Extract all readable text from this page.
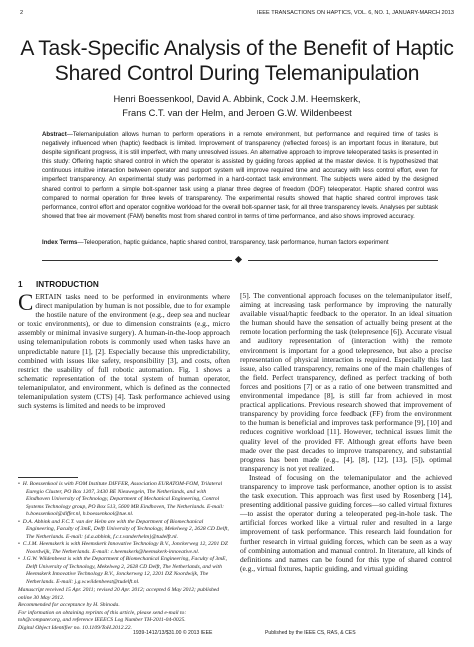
2	IEEE TRANSACTIONS ON HAPTICS, VOL. 6, NO. 1, JANUARY-MARCH 2013
A Task-Specific Analysis of the Benefit of Haptic
Shared Control During Telemanipulation
Henri Boessenkool, David A. Abbink, Cock J.M. Heemskerk,
Frans C.T. van der Helm, and Jeroen G.W. Wildenbeest
Abstract—Telemanipulation allows human to perform operations in a remote environment, but performance and required time of tasks is negatively influenced when (haptic) feedback is limited. Improvement of transparency (reflected forces) is an important focus in literature, but despite significant progress, it is still imperfect, with many unresolved issues. An alternative approach to improve teleoperated tasks is presented in this study: Offering haptic shared control in which the operator is assisted by guiding forces applied at the master device. It is hypothesized that continuous intuitive interaction between operator and support system will improve required time and accuracy with less control effort, even for imperfect transparency. An experimental study was performed in a hard-contact task environment. The subjects were aided by the designed shared control to perform a simple bolt-spanner task using a planar three degree of freedom (DOF) teleoperator. Haptic shared control was compared to normal operation for three levels of transparency. The experimental results showed that haptic shared control improves task performance, control effort and operator cognitive workload for the overall bolt-spanner task, for all three transparency levels. Analyses per subtask showed that free air movement (FAM) benefits most from shared control in terms of time performance, and also shows improved accuracy.
Index Terms—Teleoperation, haptic guidance, haptic shared control, transparency, task performance, human factors experiment
1 INTRODUCTION
C ERTAIN tasks need to be performed in environments where direct manipulation by human is not possible, due to for example the hostile nature of the environment (e.g., deep sea and nuclear or toxic environments), or due to dimension constraints (e.g., micro assembly or minimal invasive surgery). A human-in-the-loop approach using telemanipulation robots is commonly used when tasks have an unpredictable nature [1], [2]. Especially because this unpredictability, combined with issues like safety, responsibility [3], and costs, often restrict the usability of full robotic automation. Fig. 1 shows a schematic representation of the total system of human operator, telemanipulator, and environment, which is defined as the connected telemanipulation system (CTS) [4]. Task performance achieved using such systems is limited and needs to be improved
[5]. The conventional approach focuses on the telemanipulator itself, aiming at increasing task performance by improving the naturally available visual/haptic feedback to the operator. In an ideal situation the human should have the sensation of actually being present at the remote location performing the task (telepresence [6]). Accurate visual and auditory representation of (interaction with) the remote environment is important for a good telepresence, but also a precise representation of physical interaction is required. Especially this last issue, also called transparency, remains one of the main challenges of the field. Perfect transparency, defined as perfect tracking of both forces and positions [7] or as a ratio of one between transmitted and environmental impedance [8], is still far from achieved in most practical applications. Previous research showed that improvement of transparency by providing force feedback (FF) from the environment to the human is beneficial and improves task performance [9], [10] and reduces cognitive workload [11]. However, technical issues limit the quality level of the provided FF. Although great efforts have been made over the past decades to improve transparency, and substantial progress has been made (e.g., [4], [8], [12], [13], [5]), optimal transparency is not yet realized.
Instead of focusing on the telemanipulator and the achieved transparency to improve task performance, another option is to assist the task execution. This approach was first used by Rosenberg [14], presenting additional passive guiding forces—so called virtual fixtures—to assist the operator during a teleoperated peg-in-hole task. The artificial forces worked like a virtual ruler and resulted in a large improvement of task performance. This research laid foundation for further research in virtual guiding forces, which can be seen as a way of combining automation and manual control. In literature, all kinds of definitions and names can be found for this type of shared control (e.g., virtual fixtures, haptic guiding, and virtual guiding
•  H. Boessenkool is with FOM Institute DIFFER, Association EURATOM-FOM, Trilateral Euregio Cluster, PO Box 1207, 3430 BE Nieuwegein, The Netherlands, and with Eindhoven University of Technology, Department of Mechanical Engineering, Control Systems Technology group, PO Box 513, 5600 MB Eindhoven, The Netherlands. E-mail: h.boessenkool@differ.nl, h.boessenkool@tue.nl.
•  D.A. Abbink and F.C.T. van der Helm are with the Department of Biomechanical Engineering, Faculty of 3mE, Delft University of Technology, Mekelweg 2, 2628 CD Delft, The Netherlands. E-mail: {d.a.abbink, f.c.t.vanderhelm}@tudelft.nl.
•  C.J.M. Heemskerk is with Heemskerk Innovative Technology B.V., Jonckerweg 12, 2201 DZ Noordwijk, The Netherlands. E-mail: c.heemskerk@heemskerk-innovative.nl.
•  J.G.W. Wildenbeest is with the Department of Biomechanical Engineering, Faculty of 3mE, Delft University of Technology, Mekelweg 2, 2628 CD Delft, The Netherlands, and with Heemskerk Innovative Technology B.V., Jonckerweg 12, 2201 DZ Noordwijk, The Netherlands. E-mail: j.g.w.wildenbeest@tudelft.nl.
Manuscript received 15 Apr. 2011; revised 20 Apr. 2012; accepted 6 May 2012; published online 30 May 2012.
Recommended for acceptance by H. Shinoda.
For information on obtaining reprints of this article, please send e-mail to: toh@computer.org, and reference IEEECS Log Number TH-2011-04-0025.
Digital Object Identifier no. 10.1109/ToH.2012.22.
1939-1412/13/$31.00 © 2013 IEEE	Published by the IEEE CS, RAS, & CES
